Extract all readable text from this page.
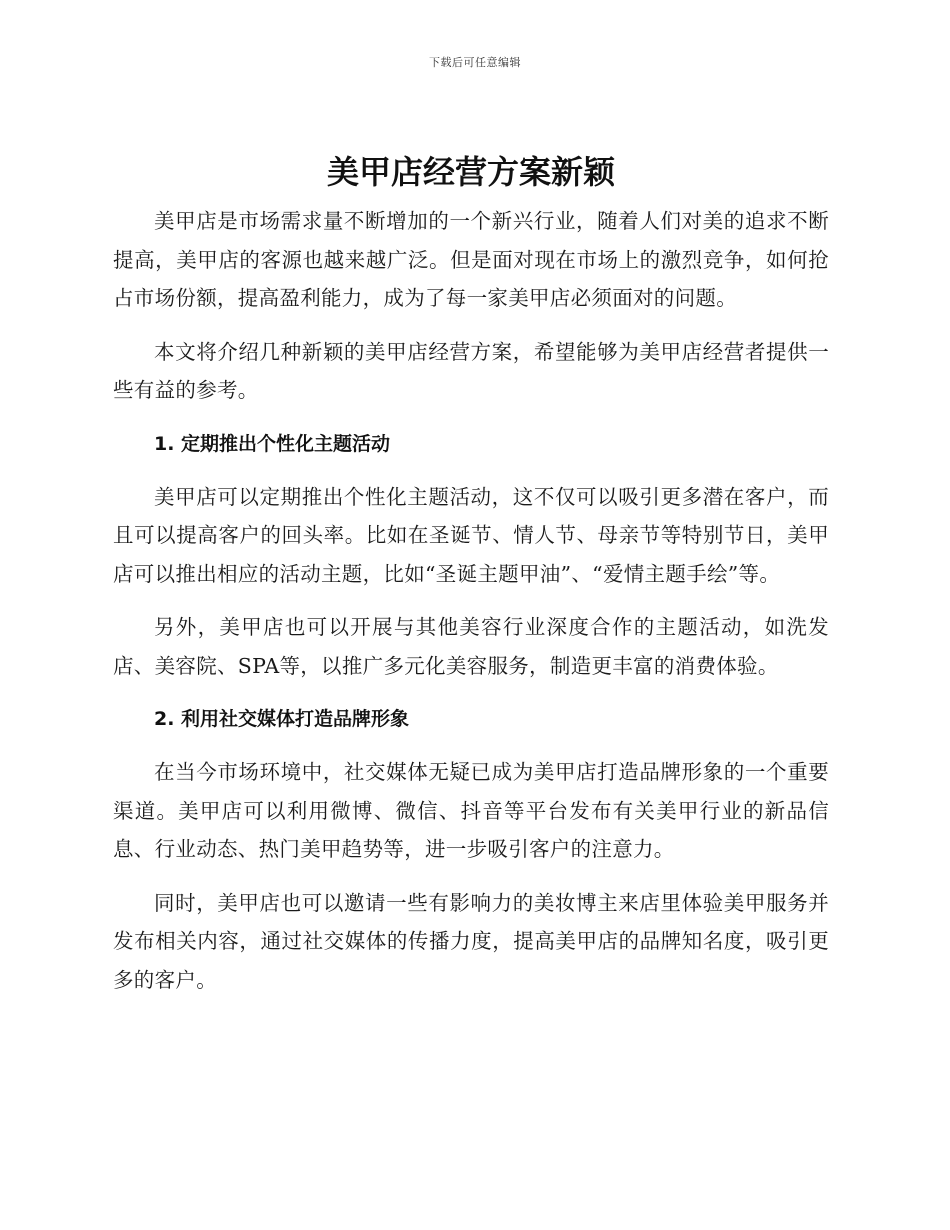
下载后可任意编辑
美甲店经营方案新颖

美甲店是市场需求量不断增加的一个新兴行业，随着人们对美的追求不断提高，美甲店的客源也越来越广泛。但是面对现在市场上的激烈竞争，如何抢占市场份额，提高盈利能力，成为了每一家美甲店必须面对的问题。

本文将介绍几种新颖的美甲店经营方案，希望能够为美甲店经营者提供一些有益的参考。

1. 定期推出个性化主题活动

美甲店可以定期推出个性化主题活动，这不仅可以吸引更多潜在客户，而且可以提高客户的回头率。比如在圣诞节、情人节、母亲节等特别节日，美甲店可以推出相应的活动主题，比如“圣诞主题甲油”、“爱情主题手绘”等。

另外，美甲店也可以开展与其他美容行业深度合作的主题活动，如洗发店、美容院、SPA等，以推广多元化美容服务，制造更丰富的消费体验。

2. 利用社交媒体打造品牌形象

在当今市场环境中，社交媒体无疑已成为美甲店打造品牌形象的一个重要渠道。美甲店可以利用微博、微信、抖音等平台发布有关美甲行业的新品信息、行业动态、热门美甲趋势等，进一步吸引客户的注意力。

同时，美甲店也可以邀请一些有影响力的美妆博主来店里体验美甲服务并发布相关内容，通过社交媒体的传播力度，提高美甲店的品牌知名度，吸引更多的客户。
